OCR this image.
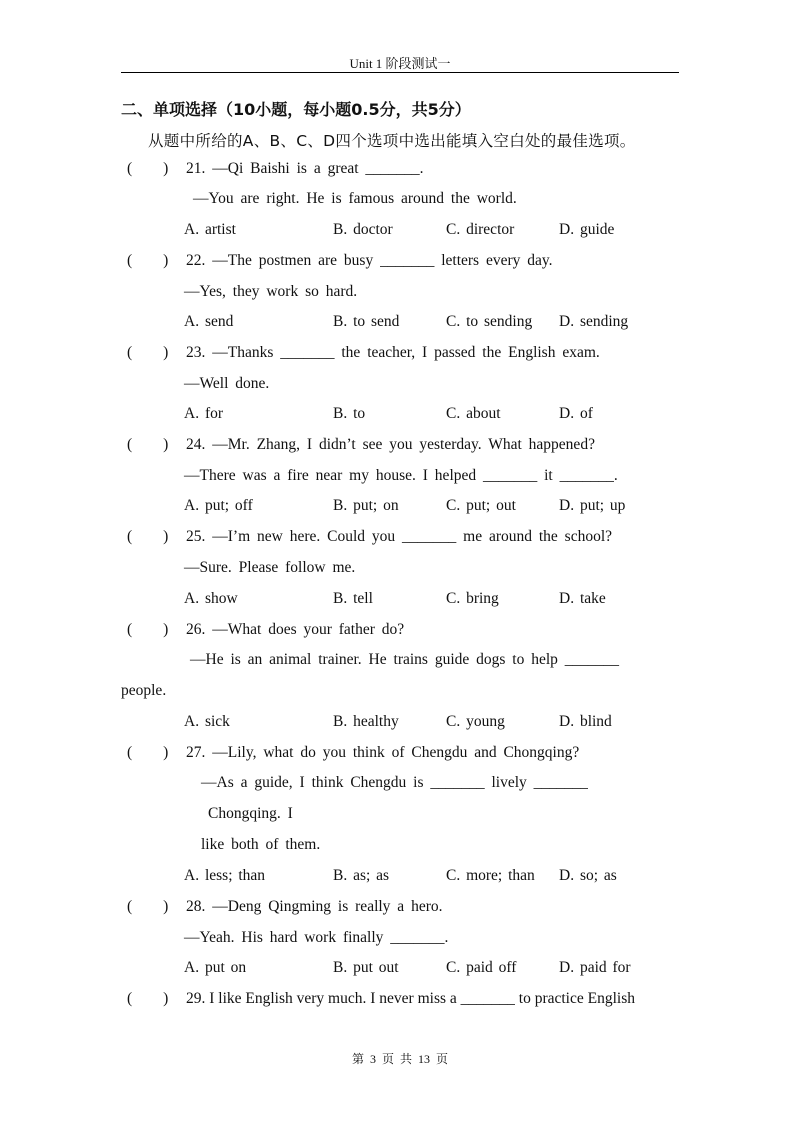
Unit 1 阶段测试一
二、单项选择（10小题，每小题0.5分，共5分）
从题中所给的A、B、C、D四个选项中选出能填入空白处的最佳选项。
(        ) 21. —Qi Baishi is a great _______.
—You are right. He is famous around the world.
A. artist	B. doctor	C. director	D. guide
(        ) 22. —The postmen are busy _______ letters every day.
—Yes, they work so hard.
A. send	B. to send	C. to sending D. sending
(        ) 23. —Thanks _______ the teacher, I passed the English exam.
—Well done.
A. for	B. to	C. about	D. of
(        ) 24. —Mr. Zhang, I didn’t see you yesterday. What happened?
—There was a fire near my house. I helped _______ it _______.
A. put; off	B. put; on	C. put; out	D. put; up
(        ) 25. —I’m new here. Could you _______ me around the school?
—Sure. Please follow me.
A. show	B. tell	C. bring	D. take
(        ) 26. —What does your father do?
—He is an animal trainer. He trains guide dogs to help _______
people.
A. sick	B. healthy	C. young	D. blind
(        ) 27. —Lily, what do you think of Chengdu and Chongqing?
—As a guide, I think Chengdu is _______ lively _______
Chongqing. I
like both of them.
A. less; than	B. as; as	C. more; than D. so; as
(        ) 28. —Deng Qingming is really a hero.
—Yeah. His hard work finally _______.
A. put on	B. put out	C. paid off	D. paid for
(        ) 29. I like English very much. I never miss a _______ to practice English
第 3 页 共 13 页
